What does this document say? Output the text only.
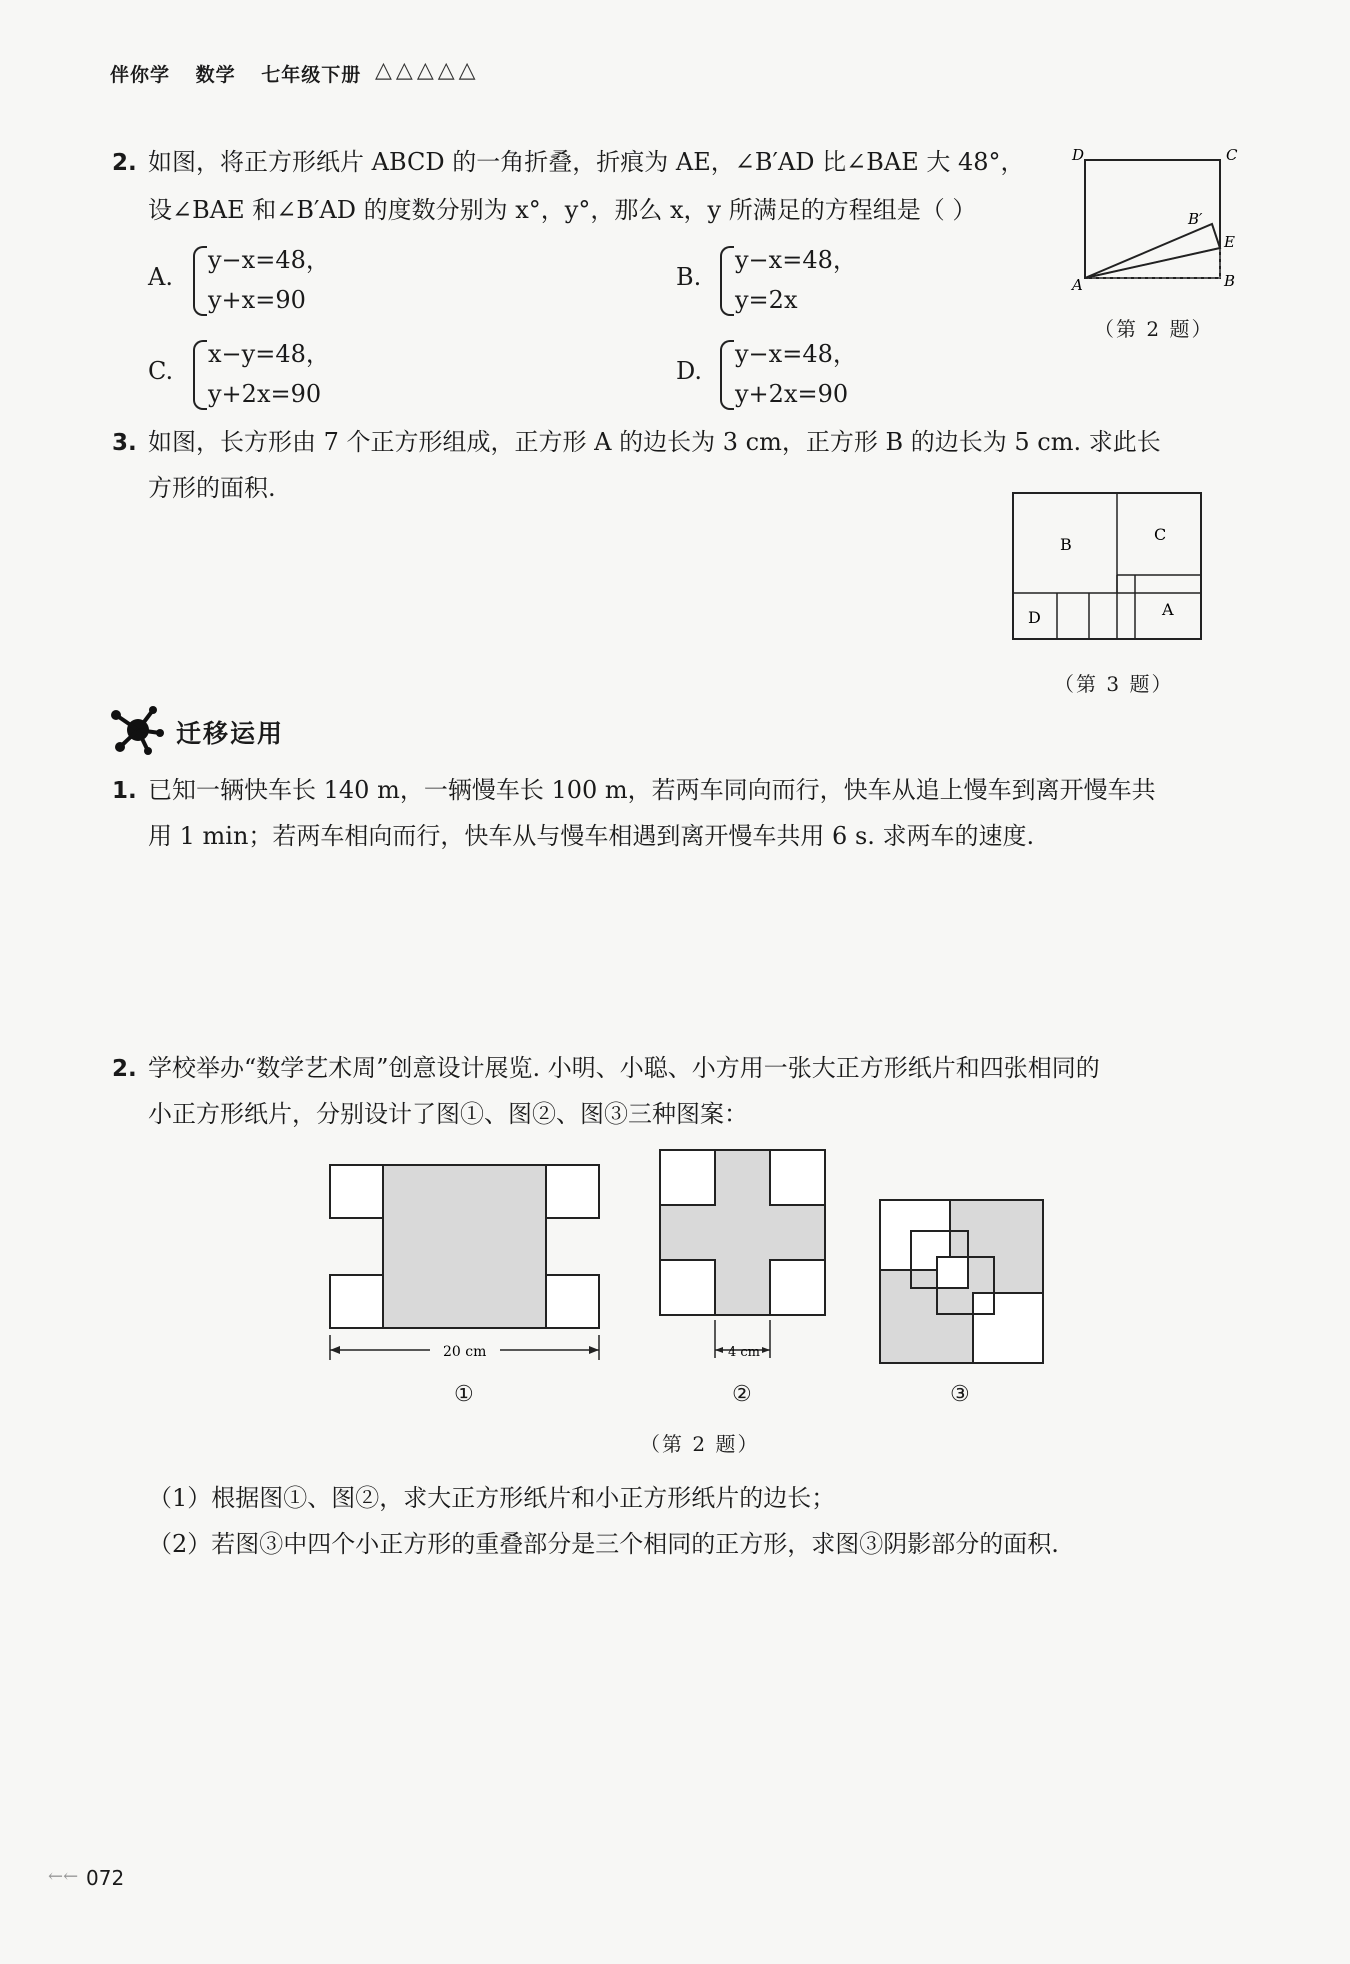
伴你学 数学 七年级下册 △△△△△
2. 如图，将正方形纸片 ABCD 的一角折叠，折痕为 AE，∠B′AD 比∠BAE 大 48°，
设∠BAE 和∠B′AD 的度数分别为 x°，y°，那么 x，y 所满足的方程组是（ ）
A.
y−x=48，
y+x=90
B.
y−x=48，
y=2x
C.
x−y=48，
y+2x=90
D.
y−x=48，
y+2x=90
D	C
B′
E
A	B
（第 2 题）
3. 如图，长方形由 7 个正方形组成，正方形 A 的边长为 3 cm，正方形 B 的边长为 5 cm. 求此长
方形的面积.
B
C
D	A
（第 3 题）
迁移运用
1. 已知一辆快车长 140 m，一辆慢车长 100 m，若两车同向而行，快车从追上慢车到离开慢车共
用 1 min；若两车相向而行，快车从与慢车相遇到离开慢车共用 6 s. 求两车的速度.
2. 学校举办“数学艺术周”创意设计展览. 小明、小聪、小方用一张大正方形纸片和四张相同的
小正方形纸片，分别设计了图①、图②、图③三种图案：
20 cm	4 cm
①	②	③
（第 2 题）
（1）根据图①、图②，求大正方形纸片和小正方形纸片的边长；
（2）若图③中四个小正方形的重叠部分是三个相同的正方形，求图③阴影部分的面积.
←← 072
